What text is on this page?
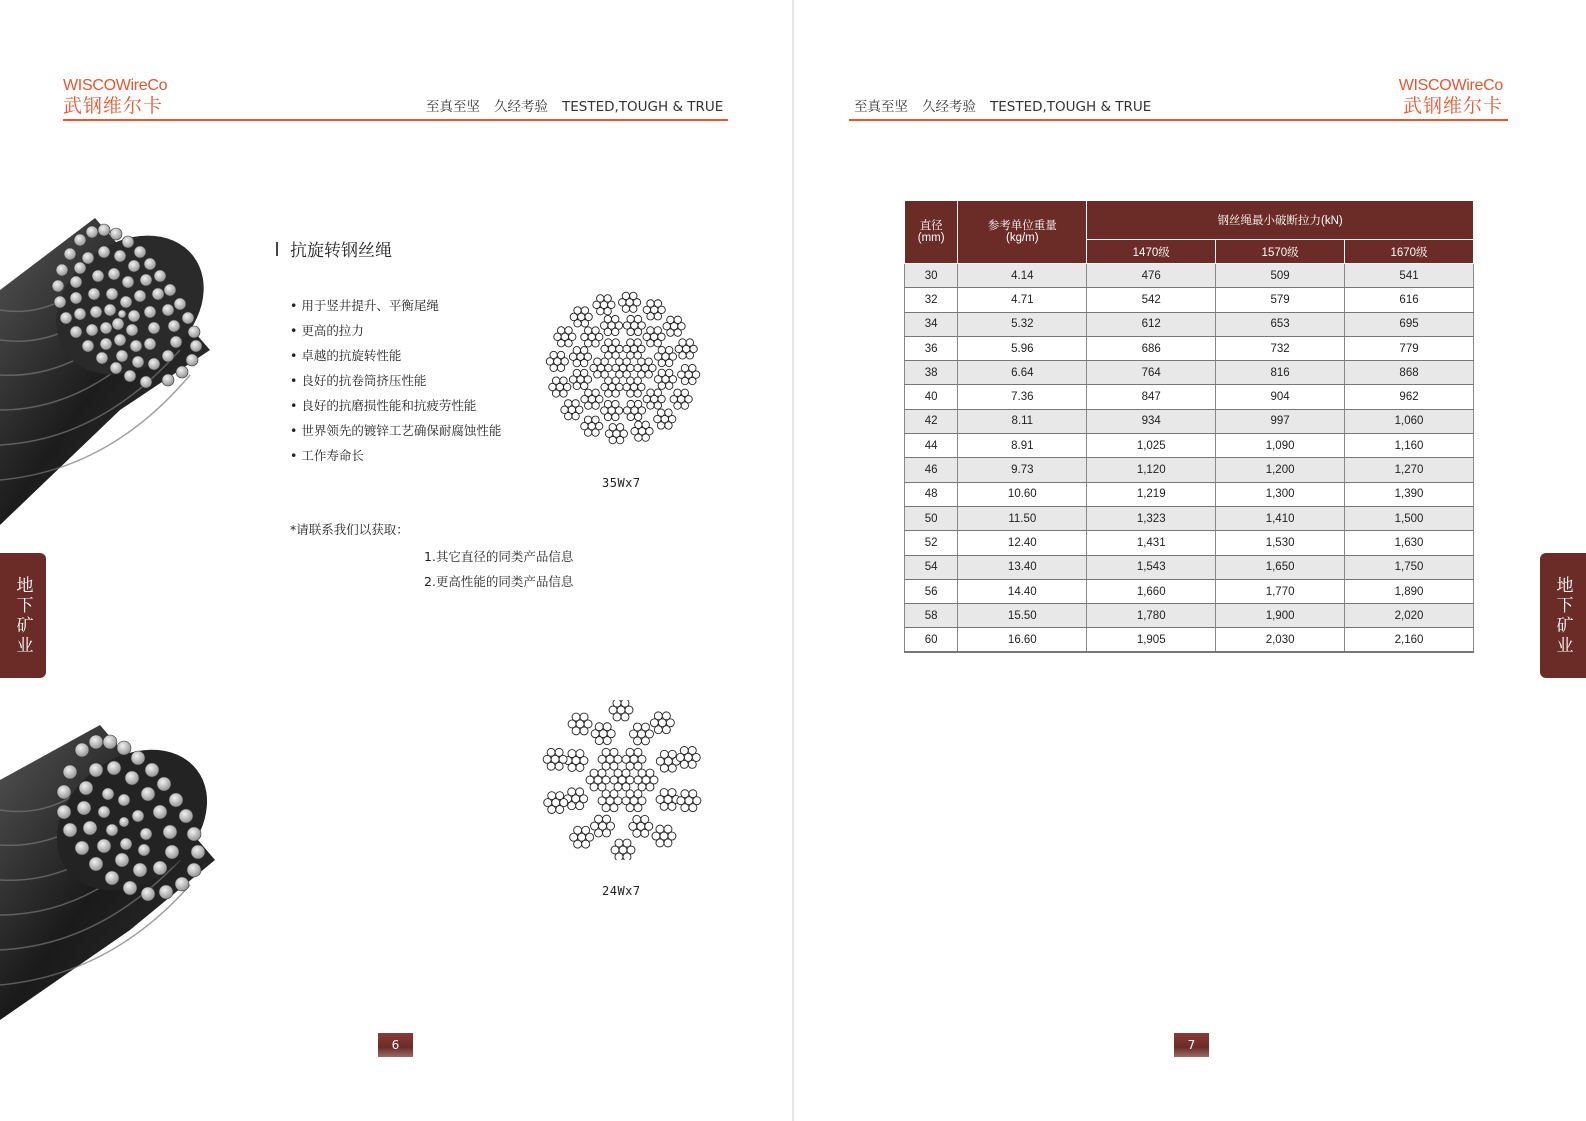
WISCOWireCo
武钢维尔卡	至真至坚 久经考验 TESTED,TOUGH & TRUE
抗旋转钢丝绳
• 用于竖井提升、平衡尾绳
• 更高的拉力
• 卓越的抗旋转性能
• 良好的抗卷筒挤压性能
• 良好的抗磨损性能和抗疲劳性能
• 世界领先的镀锌工艺确保耐腐蚀性能
• 工作寿命长
*请联系我们以获取：
1.其它直径的同类产品信息
2.更高性能的同类产品信息
35Wx7
24Wx7
地下矿业
6
至真至坚 久经考验 TESTED,TOUGH & TRUE
WISCOWireCo
武钢维尔卡
直径
(mm)	参考单位重量
(kg/m)	钢丝绳最小破断拉力(kN)		
		1470级	1570级	1670级
30	4.14	476	509	541
32	4.71	542	579	616
34	5.32	612	653	695
36	5.96	686	732	779
38	6.64	764	816	868
40	7.36	847	904	962
42	8.11	934	997	1,060
44	8.91	1,025	1,090	1,160
46	9.73	1,120	1,200	1,270
48	10.60	1,219	1,300	1,390
50	11.50	1,323	1,410	1,500
52	12.40	1,431	1,530	1,630
54	13.40	1,543	1,650	1,750
56	14.40	1,660	1,770	1,890
58	15.50	1,780	1,900	2,020
60	16.60	1,905	2,030	2,160	地下矿业
7
